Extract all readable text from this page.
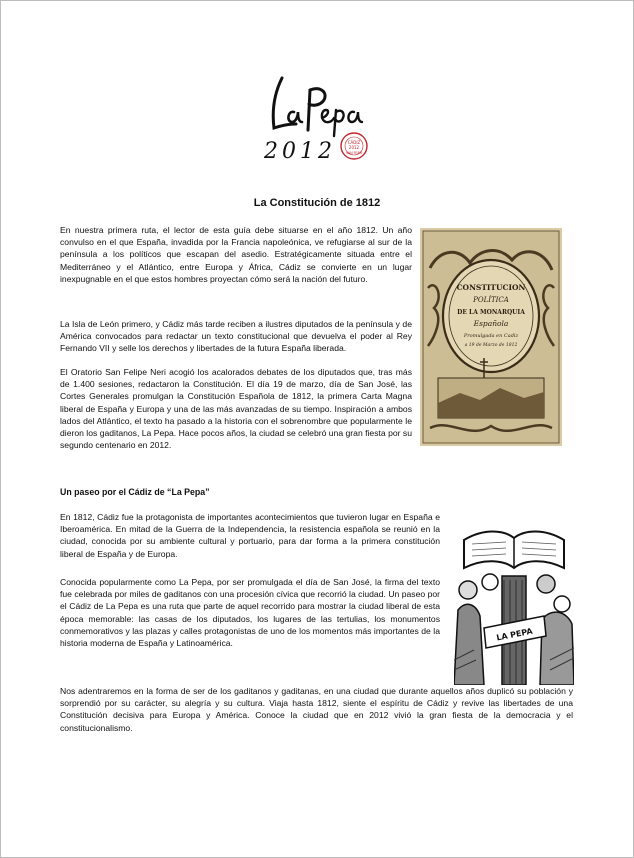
2012	CÁDIZ
2012
SAN FERN
La Constitución de 1812

En nuestra primera ruta, el lector de esta guía debe situarse en el año 1812. Un año convulso en el que España, invadida por la Francia napoleónica, ve refugiarse al sur de la península a los políticos que escapan del asedio. Estratégicamente situada entre el Mediterráneo y el Atlántico, entre Europa y África, Cádiz se convierte en un lugar inexpugnable en el que estos hombres proyectan cómo será la nación del futuro.

La Isla de León primero, y Cádiz más tarde reciben a ilustres diputados de la península y de América convocados para redactar un texto constitucional que devuelva el poder al Rey Fernando VII y selle los derechos y libertades de la futura España liberada.

El Oratorio San Felipe Neri acogió los acalorados debates de los diputados que, tras más de 1.400 sesiones, redactaron la Constitución. El día 19 de marzo, día de San José, las Cortes Generales promulgan la Constitución Española de 1812, la primera Carta Magna liberal de España y Europa y una de las más avanzadas de su tiempo. Inspiración a ambos lados del Atlántico, el texto ha pasado a la historia con el sobrenombre que popularmente le dieron los gaditanos, La Pepa. Hace pocos años, la ciudad se celebró una gran fiesta por su segundo centenario en 2012.

CONSTITUCION
POLÍTICA
DE LA MONARQUIA
Española
Promulgada en Cadiz
a 19 de Marzo de 1812
Un paseo por el Cádiz de “La Pepa”

En 1812, Cádiz fue la protagonista de importantes acontecimientos que tuvieron lugar en España e Iberoamérica. En mitad de la Guerra de la Independencia, la resistencia española se reunió en la ciudad, conocida por su ambiente cultural y portuario, para dar forma a la primera constitución liberal de España y de Europa.

Conocida popularmente como La Pepa, por ser promulgada el día de San José, la firma del texto fue celebrada por miles de gaditanos con una procesión cívica que recorrió la ciudad. Un paseo por el Cádiz de La Pepa es una ruta que parte de aquel recorrido para mostrar la ciudad liberal de esta época memorable: las casas de los diputados, los lugares de las tertulias, los monumentos conmemorativos y las plazas y calles protagonistas de uno de los momentos más importantes de la historia moderna de España y Latinoamérica.

Nos adentraremos en la forma de ser de los gaditanos y gaditanas, en una ciudad que durante aquellos años duplicó su población y sorprendió por su carácter, su alegría y su cultura. Viaja hasta 1812, siente el espíritu de Cádiz y revive las libertades de una Constitución decisiva para Europa y América. Conoce la ciudad que en 2012 vivió la gran fiesta de la democracia y el constitucionalismo.

LA PEPA
